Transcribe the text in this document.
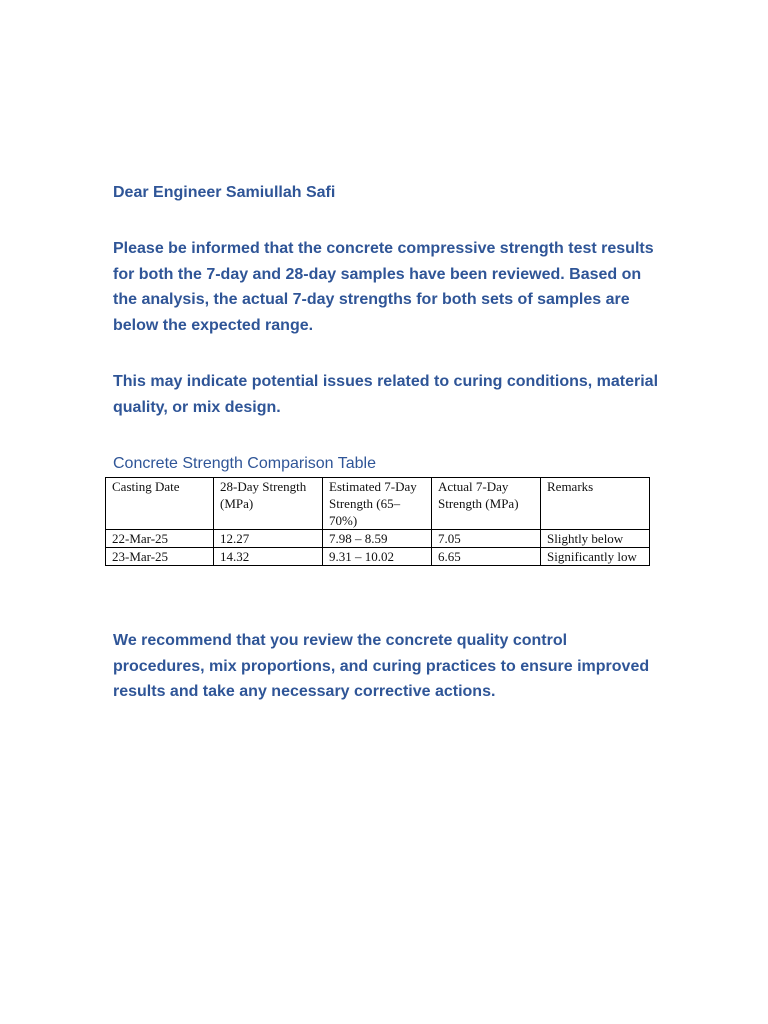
Dear Engineer Samiullah Safi

Please be informed that the concrete compressive strength test results for both the 7-day and 28-day samples have been reviewed. Based on the analysis, the actual 7-day strengths for both sets of samples are below the expected range.

This may indicate potential issues related to curing conditions, material quality, or mix design.

Concrete Strength Comparison Table

Casting Date	28-Day Strength (MPa)	Estimated 7-Day Strength (65–70%)	Actual 7-Day Strength (MPa)	Remarks
22-Mar-25	12.27	7.98 – 8.59	7.05	Slightly below
23-Mar-25	14.32	9.31 – 10.02	6.65	Significantly low

We recommend that you review the concrete quality control procedures, mix proportions, and curing practices to ensure improved results and take any necessary corrective actions.
